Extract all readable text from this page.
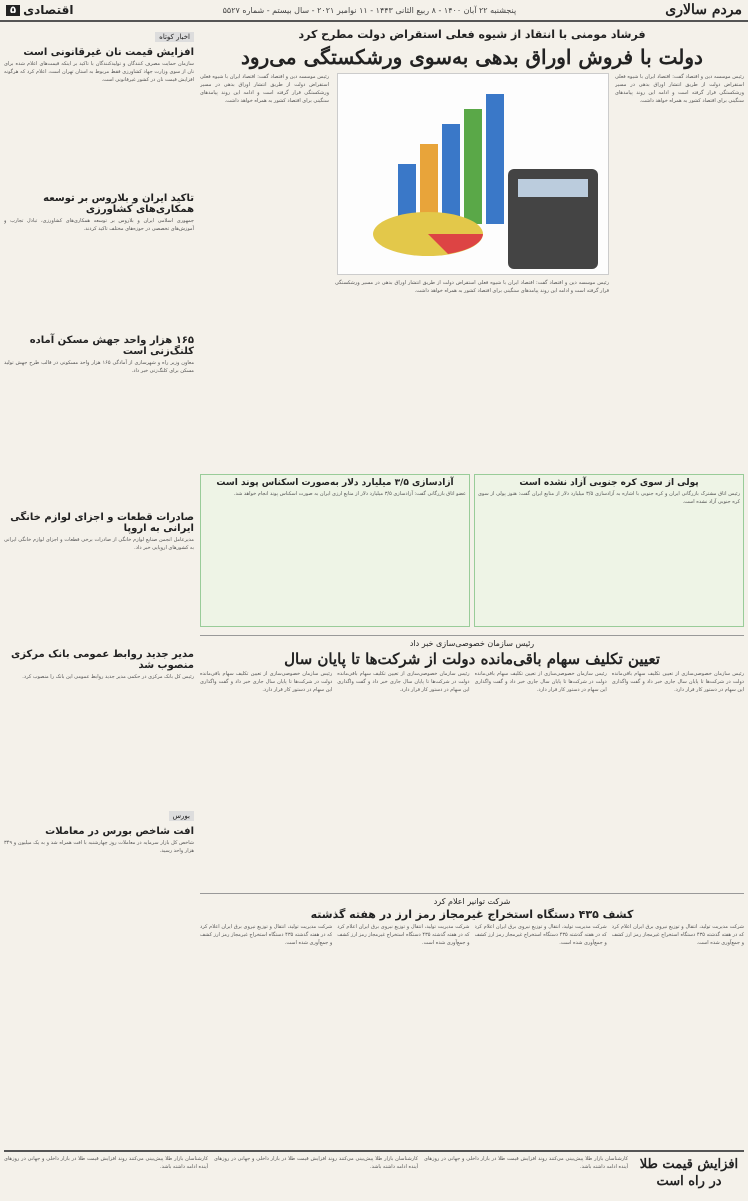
مردم سالاری
پنجشنبه ۲۲ آبان ۱۴۰۰ - ۸ ربیع الثانی ۱۴۴۳ - ۱۱ نوامبر ۲۰۲۱ - سال بیستم - شماره ۵۵۲۷
اقتصادی
۵
اخبار کوتاه
افزایش قیمت نان غیرقانونی است
سازمان حمایت مصرف کنندگان و تولیدکنندگان با تاکید بر اینکه قیمت‌های اعلام شده برای نان از سوی وزارت جهاد کشاورزی فقط مربوط به استان تهران است، اعلام کرد که هرگونه افزایش قیمت نان در کشور غیرقانونی است.
تاکید ایران و بلاروس بر توسعه همکاری‌های کشاورزی
جمهوری اسلامی ایران و بلاروس بر توسعه همکاری‌های کشاورزی، تبادل تجارب و آموزش‌های تخصصی در حوزه‌های مختلف تاکید کردند.
۱۶۵ هزار واحد جهش مسکن آماده کلنگ‌زنی است
معاون وزیر راه و شهرسازی از آمادگی ۱۶۵ هزار واحد مسکونی در قالب طرح جهش تولید مسکن برای کلنگ‌زنی خبر داد.
صادرات قطعات و اجزای لوازم خانگی ایرانی به اروپا
مدیرعامل انجمن صنایع لوازم خانگی از صادرات برخی قطعات و اجزای لوازم خانگی ایرانی به کشورهای اروپایی خبر داد.
مدیر جدید روابط عمومی بانک مرکزی منصوب شد
رئیس کل بانک مرکزی در حکمی مدیر جدید روابط عمومی این بانک را منصوب کرد.
بورس
افت شاخص بورس در معاملات
شاخص کل بازار سرمایه در معاملات روز چهارشنبه با افت همراه شد و به یک میلیون و ۳۴۹ هزار واحد رسید.
فرشاد مومنی با انتقاد از شیوه فعلی استقراض دولت مطرح کرد
دولت با فروش اوراق بدهی به‌سوی ورشکستگی می‌رود
رئیس موسسه دین و اقتصاد گفت: اقتصاد ایران با شیوه فعلی استقراض دولت از طریق انتشار اوراق بدهی در مسیر ورشکستگی قرار گرفته است و ادامه این روند پیامدهای سنگینی برای اقتصاد کشور به همراه خواهد داشت.
رئیس موسسه دین و اقتصاد گفت: اقتصاد ایران با شیوه فعلی استقراض دولت از طریق انتشار اوراق بدهی در مسیر ورشکستگی قرار گرفته است و ادامه این روند پیامدهای سنگینی برای اقتصاد کشور به همراه خواهد داشت.
رئیس موسسه دین و اقتصاد گفت: اقتصاد ایران با شیوه فعلی استقراض دولت از طریق انتشار اوراق بدهی در مسیر ورشکستگی قرار گرفته است و ادامه این روند پیامدهای سنگینی برای اقتصاد کشور به همراه خواهد داشت.
پولی از سوی کره جنوبی آزاد نشده است
رئیس اتاق مشترک بازرگانی ایران و کره جنوبی با اشاره به آزادسازی ۳/۵ میلیارد دلار از منابع ایران گفت: هنوز پولی از سوی کره جنوبی آزاد نشده است.
آزادسازی ۳/۵ میلیارد دلار به‌صورت اسکناس پوند است
عضو اتاق بازرگانی گفت: آزادسازی ۳/۵ میلیارد دلار از منابع ارزی ایران به صورت اسکناس پوند انجام خواهد شد.
رئیس سازمان خصوصی‌سازی خبر داد
تعیین تکلیف سهام باقی‌مانده دولت از شرکت‌ها تا پایان سال
رئیس سازمان خصوصی‌سازی از تعیین تکلیف سهام باقی‌مانده دولت در شرکت‌ها تا پایان سال جاری خبر داد و گفت واگذاری این سهام در دستور کار قرار دارد.
رئیس سازمان خصوصی‌سازی از تعیین تکلیف سهام باقی‌مانده دولت در شرکت‌ها تا پایان سال جاری خبر داد و گفت واگذاری این سهام در دستور کار قرار دارد.
رئیس سازمان خصوصی‌سازی از تعیین تکلیف سهام باقی‌مانده دولت در شرکت‌ها تا پایان سال جاری خبر داد و گفت واگذاری این سهام در دستور کار قرار دارد.
رئیس سازمان خصوصی‌سازی از تعیین تکلیف سهام باقی‌مانده دولت در شرکت‌ها تا پایان سال جاری خبر داد و گفت واگذاری این سهام در دستور کار قرار دارد.
شرکت توانیر اعلام کرد
کشف ۴۳۵ دستگاه استخراج غیرمجاز رمز ارز در هفته گذشته
شرکت مدیریت تولید، انتقال و توزیع نیروی برق ایران اعلام کرد که در هفته گذشته ۴۳۵ دستگاه استخراج غیرمجاز رمز ارز کشف و جمع‌آوری شده است.
شرکت مدیریت تولید، انتقال و توزیع نیروی برق ایران اعلام کرد که در هفته گذشته ۴۳۵ دستگاه استخراج غیرمجاز رمز ارز کشف و جمع‌آوری شده است.
شرکت مدیریت تولید، انتقال و توزیع نیروی برق ایران اعلام کرد که در هفته گذشته ۴۳۵ دستگاه استخراج غیرمجاز رمز ارز کشف و جمع‌آوری شده است.
شرکت مدیریت تولید، انتقال و توزیع نیروی برق ایران اعلام کرد که در هفته گذشته ۴۳۵ دستگاه استخراج غیرمجاز رمز ارز کشف و جمع‌آوری شده است.
افزایش قیمت طلا در راه است
کارشناسان بازار طلا پیش‌بینی می‌کنند روند افزایش قیمت طلا در بازار داخلی و جهانی در روزهای آینده ادامه داشته باشد.
کارشناسان بازار طلا پیش‌بینی می‌کنند روند افزایش قیمت طلا در بازار داخلی و جهانی در روزهای آینده ادامه داشته باشد.
کارشناسان بازار طلا پیش‌بینی می‌کنند روند افزایش قیمت طلا در بازار داخلی و جهانی در روزهای آینده ادامه داشته باشد.
